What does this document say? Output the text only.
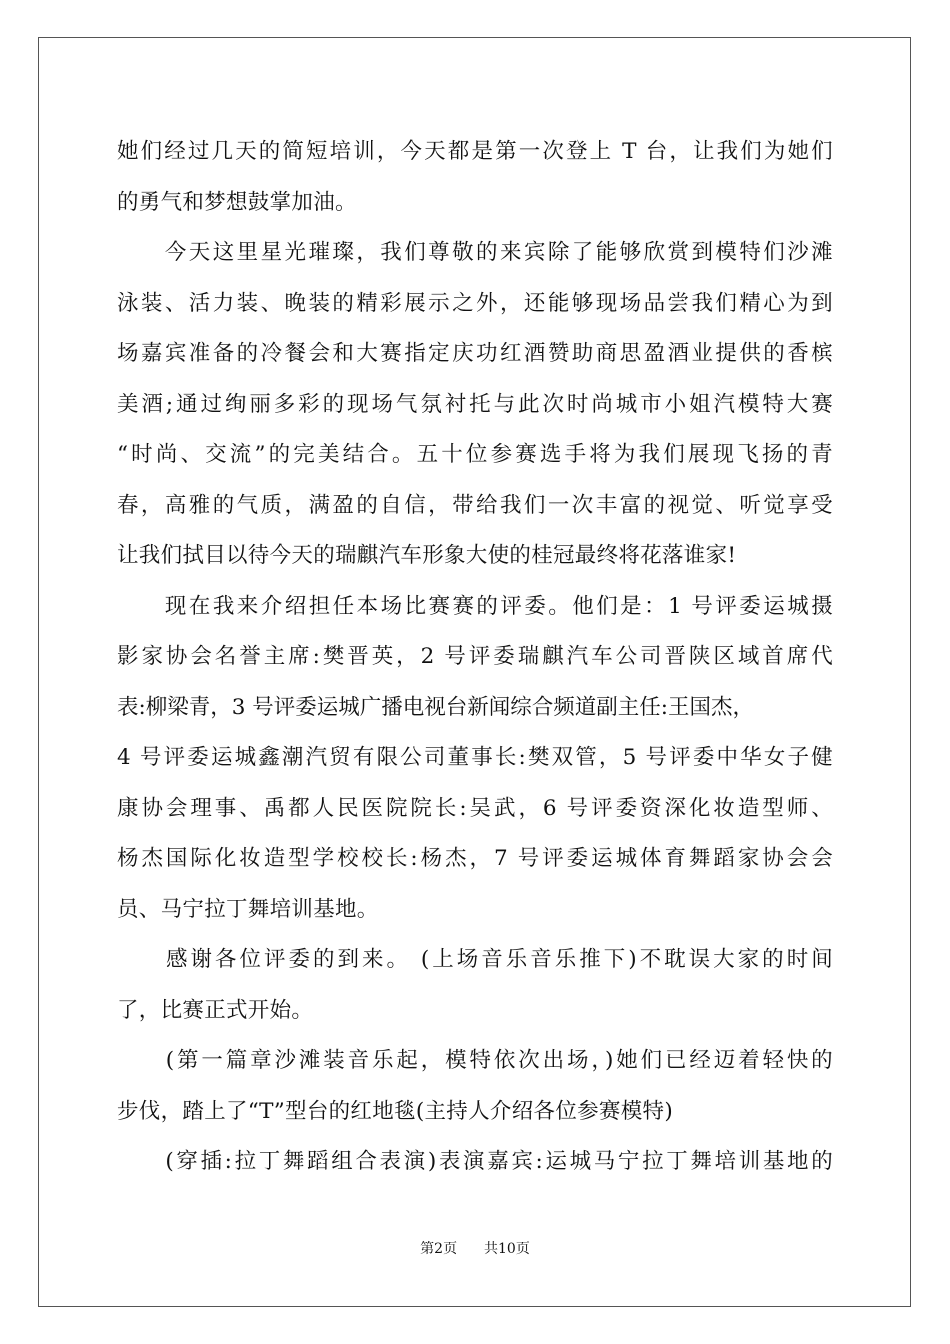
她们经过几天的简短培训，今天都是第一次登上 T 台，让我们为她们
的勇气和梦想鼓掌加油。
　　今天这里星光璀璨，我们尊敬的来宾除了能够欣赏到模特们沙滩
泳装、活力装、晚装的精彩展示之外，还能够现场品尝我们精心为到
场嘉宾准备的冷餐会和大赛指定庆功红酒赞助商思盈酒业提供的香槟
美酒;通过绚丽多彩的现场气氛衬托与此次时尚城市小姐汽模特大赛
“时尚、交流”的完美结合。五十位参赛选手将为我们展现飞扬的青
春，高雅的气质，满盈的自信，带给我们一次丰富的视觉、听觉享受
让我们拭目以待今天的瑞麒汽车形象大使的桂冠最终将花落谁家!
　　现在我来介绍担任本场比赛赛的评委。他们是：1 号评委运城摄
影家协会名誉主席:樊晋英，2 号评委瑞麒汽车公司晋陕区域首席代
表:柳梁青，3 号评委运城广播电视台新闻综合频道副主任:王国杰，
4 号评委运城鑫潮汽贸有限公司董事长:樊双管，5 号评委中华女子健
康协会理事、禹都人民医院院长:吴武，6 号评委资深化妆造型师、
杨杰国际化妆造型学校校长:杨杰，7 号评委运城体育舞蹈家协会会
员、马宁拉丁舞培训基地。
　　感谢各位评委的到来。 (上场音乐音乐推下)不耽误大家的时间
了，比赛正式开始。
　　(第一篇章沙滩装音乐起，模特依次出场，)她们已经迈着轻快的
步伐，踏上了“T”型台的红地毯(主持人介绍各位参赛模特)
　　(穿插:拉丁舞蹈组合表演)表演嘉宾:运城马宁拉丁舞培训基地的
第2页 共10页
